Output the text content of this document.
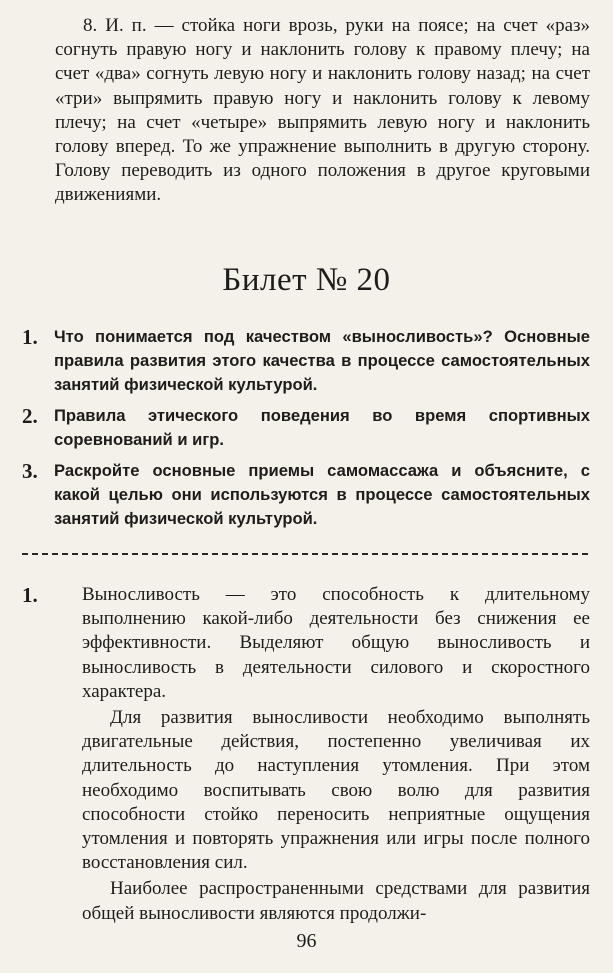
8. И. п. — стойка ноги врозь, руки на поясе; на счет «раз» согнуть правую ногу и наклонить голову к правому плечу; на счет «два» согнуть левую ногу и наклонить голову назад; на счет «три» выпрямить правую ногу и наклонить голову к левому плечу; на счет «четыре» выпрямить левую ногу и наклонить голову вперед. То же упражнение выполнить в другую сторону. Голову переводить из одного положения в другое круговыми движениями.

Билет № 20
1. Что понимается под качеством «выносливость»? Основные правила развития этого качества в процессе самостоятельных занятий физической культурой.
2. Правила этического поведения во время спортивных соревнований и игр.
3. Раскройте основные приемы самомассажа и объясните, с какой целью они используются в процессе самостоятельных занятий физической культурой.
1.	Выносливость — это способность к длительному выполнению какой-либо деятельности без снижения ее эффективности. Выделяют общую выносливость и выносливость в деятельности силового и скоростного характера.

Для развития выносливости необходимо выполнять двигательные действия, постепенно увеличивая их длительность до наступления утомления. При этом необходимо воспитывать свою волю для развития способности стойко переносить неприятные ощущения утомления и повторять упражнения или игры после полного восстановления сил.

Наиболее распространенными средствами для развития общей выносливости являются продолжи-

96
